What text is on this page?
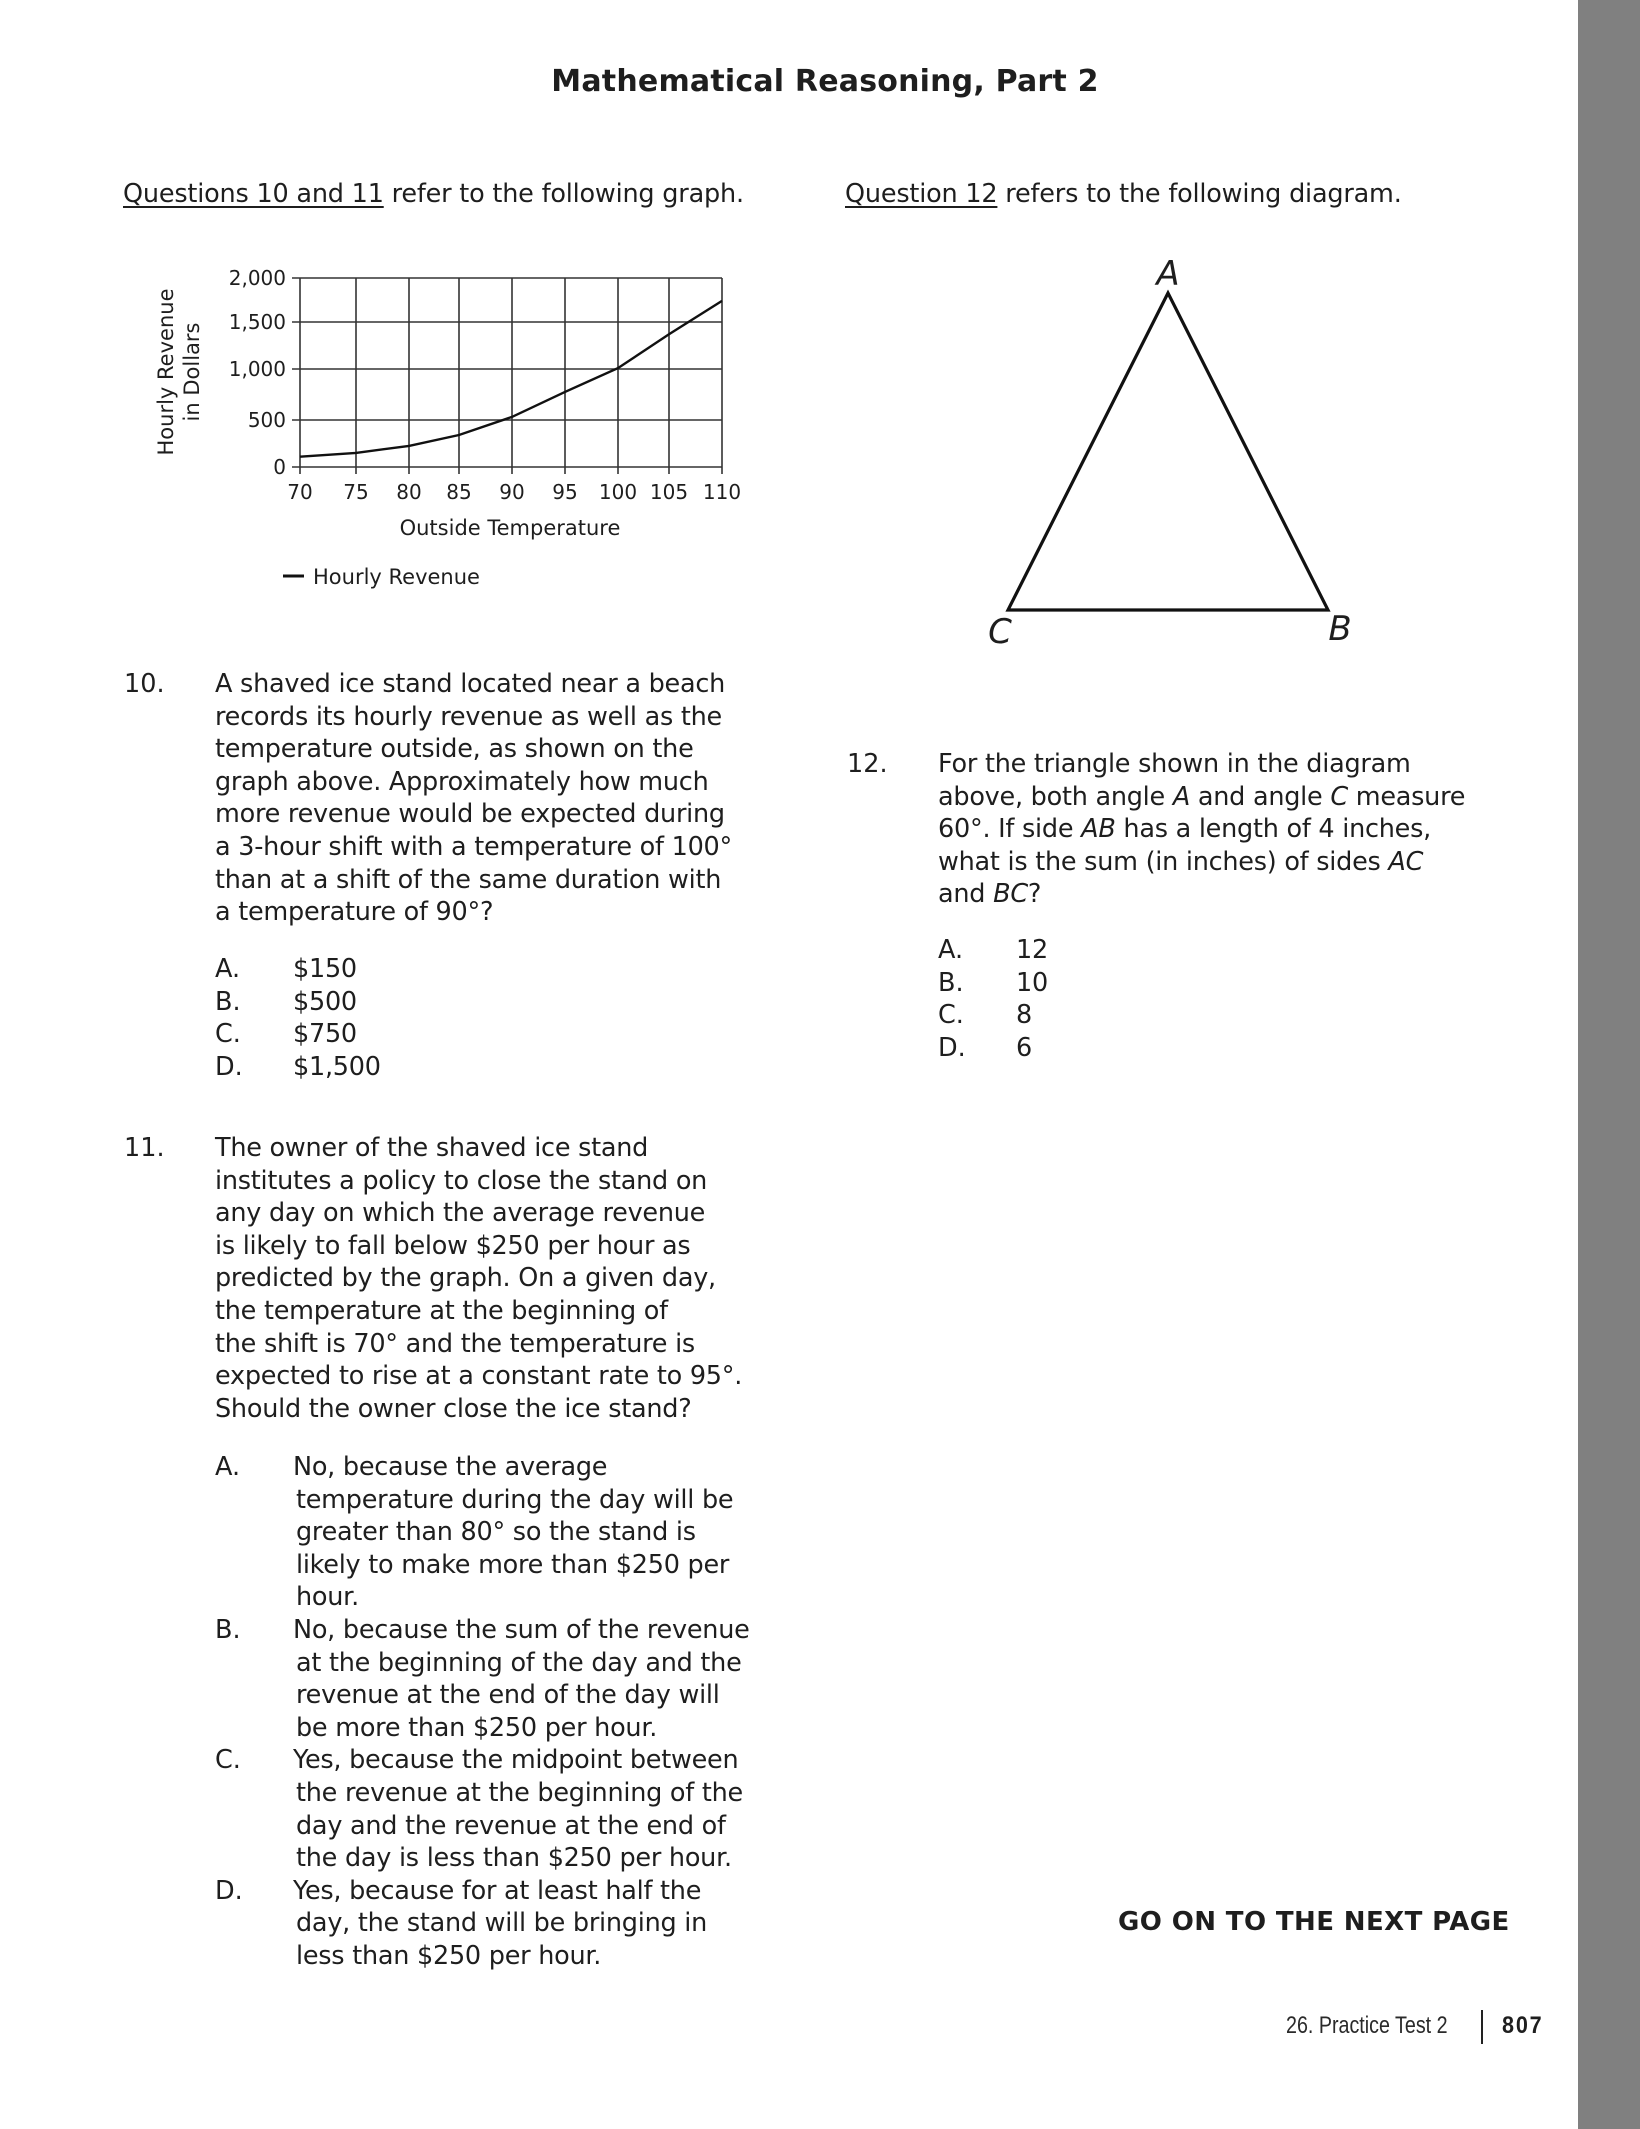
Mathematical Reasoning, Part 2
Questions 10 and 11 refer to the following graph.	Question 12 refers to the following diagram.
0
500
1,000
1,500
2,000
70 75 80 85 90 95 100 105 110
Hourly Revenue in Dollars
Outside Temperature
Hourly Revenue
A
C	B
10. A shaved ice stand located near a beach
records its hourly revenue as well as the
temperature outside, as shown on the
graph above. Approximately how much
more revenue would be expected during
a 3-hour shift with a temperature of 100°
than at a shift of the same duration with
a temperature of 90°?
A.	$150
B.	$500
C.	$750
D.	$1,500
11. The owner of the shaved ice stand
institutes a policy to close the stand on
any day on which the average revenue
is likely to fall below $250 per hour as
predicted by the graph. On a given day,
the temperature at the beginning of
the shift is 70° and the temperature is
expected to rise at a constant rate to 95°.
Should the owner close the ice stand?
A.	No, because the average
temperature during the day will be
greater than 80° so the stand is
likely to make more than $250 per
hour.
B.	No, because the sum of the revenue
at the beginning of the day and the
revenue at the end of the day will
be more than $250 per hour.
C.	Yes, because the midpoint between
the revenue at the beginning of the
day and the revenue at the end of
the day is less than $250 per hour.
D.	Yes, because for at least half the
day, the stand will be bringing in
less than $250 per hour.
12. For the triangle shown in the diagram
above, both angle A and angle C measure
60°. If side AB has a length of 4 inches,
what is the sum (in inches) of sides AC
and BC?
A.	12
B.	10
C.	8
D.	6
GO ON TO THE NEXT PAGE
26. Practice Test 2 807
